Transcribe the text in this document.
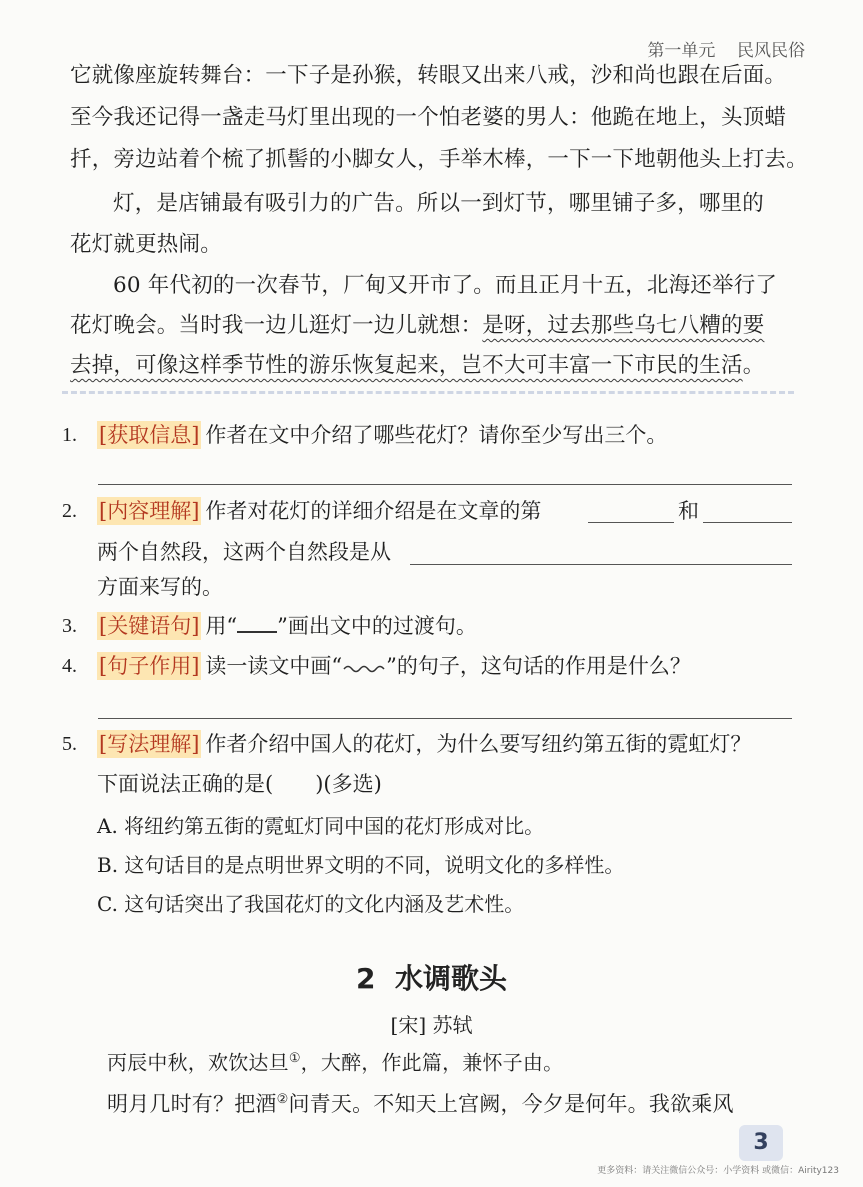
第一单元 民风民俗
它就像座旋转舞台：一下子是孙猴，转眼又出来八戒，沙和尚也跟在后面。
至今我还记得一盏走马灯里出现的一个怕老婆的男人：他跪在地上，头顶蜡
扦，旁边站着个梳了抓髻的小脚女人，手举木棒，一下一下地朝他头上打去。
灯，是店铺最有吸引力的广告。所以一到灯节，哪里铺子多，哪里的
花灯就更热闹。
60 年代初的一次春节，厂甸又开市了。而且正月十五，北海还举行了
花灯晚会。当时我一边儿逛灯一边儿就想：是呀，过去那些乌七八糟的要
去掉，可像这样季节性的游乐恢复起来，岂不大可丰富一下市民的生活。
1. [获取信息] 作者在文中介绍了哪些花灯？请你至少写出三个。
2. [内容理解] 作者对花灯的详细介绍是在文章的第	和
两个自然段，这两个自然段是从
方面来写的。
3. [关键语句] 用“ ”画出文中的过渡句。
4. [句子作用] 读一读文中画“ ”的句子，这句话的作用是什么？
5. [写法理解] 作者介绍中国人的花灯，为什么要写纽约第五街的霓虹灯？
下面说法正确的是(　　)(多选)
A. 将纽约第五街的霓虹灯同中国的花灯形成对比。
B. 这句话目的是点明世界文明的不同，说明文化的多样性。
C. 这句话突出了我国花灯的文化内涵及艺术性。
2 水调歌头
[宋] 苏轼
丙辰中秋，欢饮达旦①，大醉，作此篇，兼怀子由。
明月几时有？把酒②问青天。不知天上宫阙，今夕是何年。我欲乘风
3
更多资料：请关注微信公众号：小学资料 或微信：Airity123
